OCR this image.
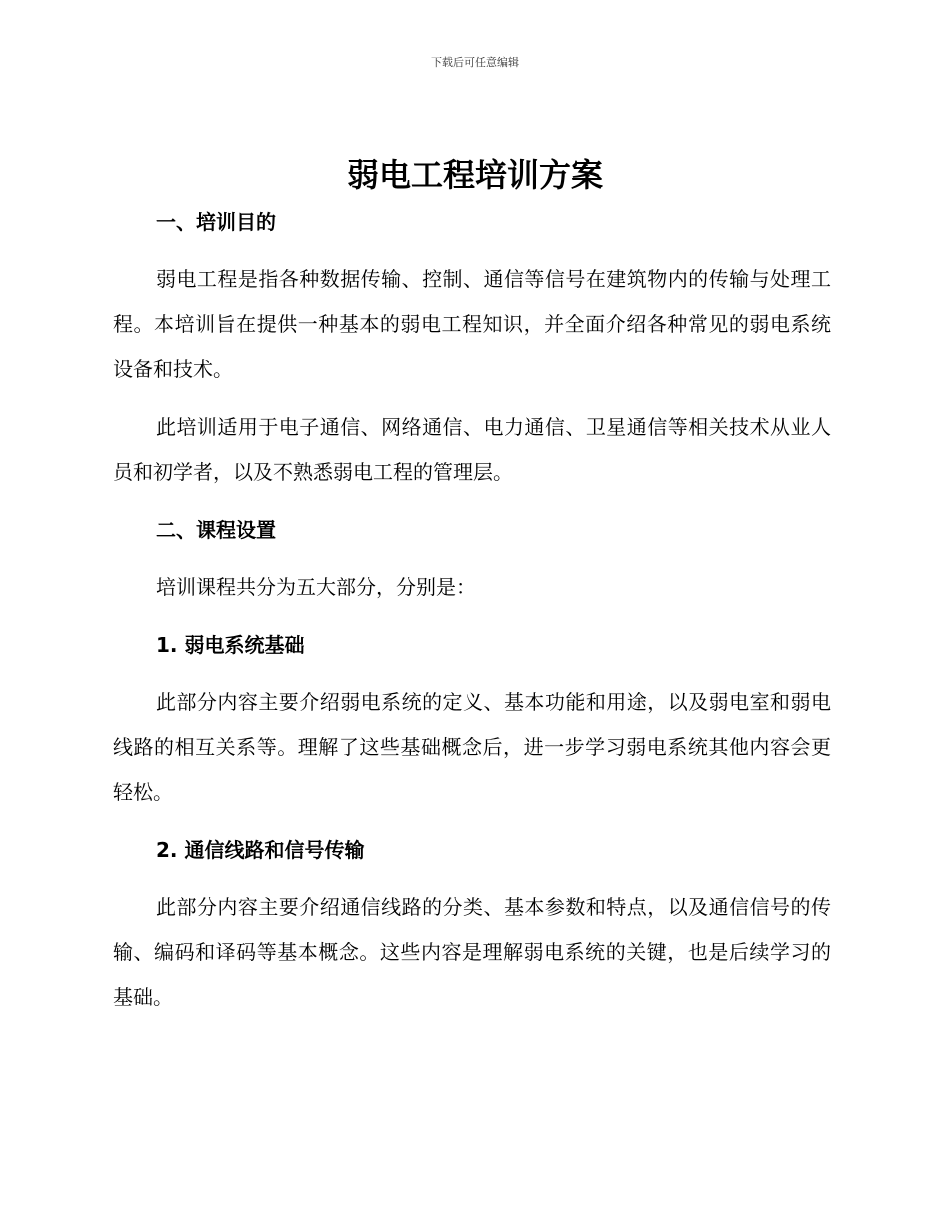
下载后可任意编辑
弱电工程培训方案
一、培训目的

弱电工程是指各种数据传输、控制、通信等信号在建筑物内的传输与处理工程。本培训旨在提供一种基本的弱电工程知识，并全面介绍各种常见的弱电系统设备和技术。

此培训适用于电子通信、网络通信、电力通信、卫星通信等相关技术从业人员和初学者，以及不熟悉弱电工程的管理层。

二、课程设置

培训课程共分为五大部分，分别是：

1. 弱电系统基础

此部分内容主要介绍弱电系统的定义、基本功能和用途，以及弱电室和弱电线路的相互关系等。理解了这些基础概念后，进一步学习弱电系统其他内容会更轻松。

2. 通信线路和信号传输

此部分内容主要介绍通信线路的分类、基本参数和特点，以及通信信号的传输、编码和译码等基本概念。这些内容是理解弱电系统的关键，也是后续学习的基础。
